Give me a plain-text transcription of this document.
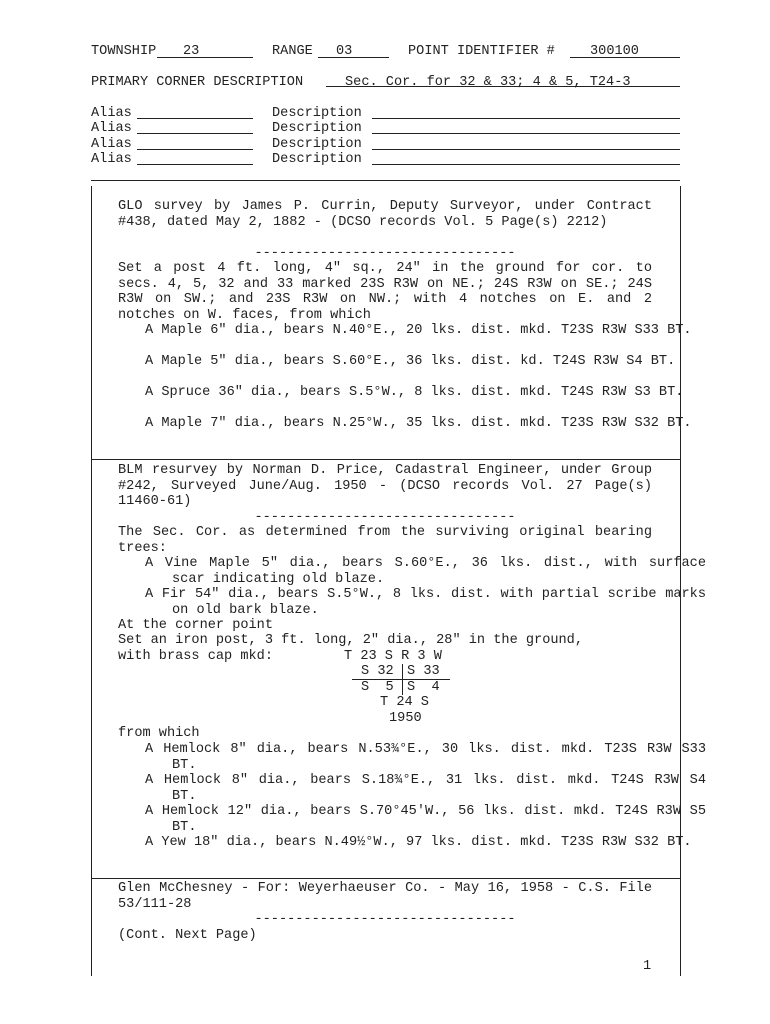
TOWNSHIP 23	RANGE 03	POINT IDENTIFIER #	300100
PRIMARY CORNER DESCRIPTION	Sec. Cor. for 32 & 33; 4 & 5, T24-3
Alias	Description
Alias	Description
Alias	Description
Alias	Description
GLO survey by James P. Currin, Deputy Surveyor, under Contract #438, dated May 2, 1882 - (DCSO records Vol. 5 Page(s) 2212)
--------------------------------
Set a post 4 ft. long, 4" sq., 24" in the ground for cor. to secs. 4, 5, 32 and 33 marked 23S R3W on NE.; 24S R3W on SE.; 24S R3W on SW.; and 23S R3W on NW.; with 4 notches on E. and 2 notches on W. faces, from which
A Maple 6" dia., bears N.40°E., 20 lks. dist. mkd. T23S R3W S33 BT.
A Maple 5" dia., bears S.60°E., 36 lks. dist. kd. T24S R3W S4 BT.
A Spruce 36" dia., bears S.5°W., 8 lks. dist. mkd. T24S R3W S3 BT.
A Maple 7" dia., bears N.25°W., 35 lks. dist. mkd. T23S R3W S32 BT.
BLM resurvey by Norman D. Price, Cadastral Engineer, under Group #242, Surveyed June/Aug. 1950 - (DCSO records Vol. 27 Page(s) 11460-61)
--------------------------------
The Sec. Cor. as determined from the surviving original bearing trees:
A Vine Maple 5" dia., bears S.60°E., 36 lks. dist., with surface scar indicating old blaze.
A Fir 54" dia., bears S.5°W., 8 lks. dist. with partial scribe marks on old bark blaze.
At the corner point
Set an iron post, 3 ft. long, 2" dia., 28" in the ground,
with brass cap mkd:	T 23 S R 3 W
S 32 S 33
S  5 S  4
T 24 S
1950
from which
A Hemlock 8" dia., bears N.53¾°E., 30 lks. dist. mkd. T23S R3W S33 BT.
A Hemlock 8" dia., bears S.18¾°E., 31 lks. dist. mkd. T24S R3W S4 BT.
A Hemlock 12" dia., bears S.70°45'W., 56 lks. dist. mkd. T24S R3W S5 BT.
A Yew 18" dia., bears N.49½°W., 97 lks. dist. mkd. T23S R3W S32 BT.
Glen McChesney - For: Weyerhaeuser Co. - May 16, 1958 - C.S. File 53/111-28
--------------------------------
(Cont. Next Page)
1
